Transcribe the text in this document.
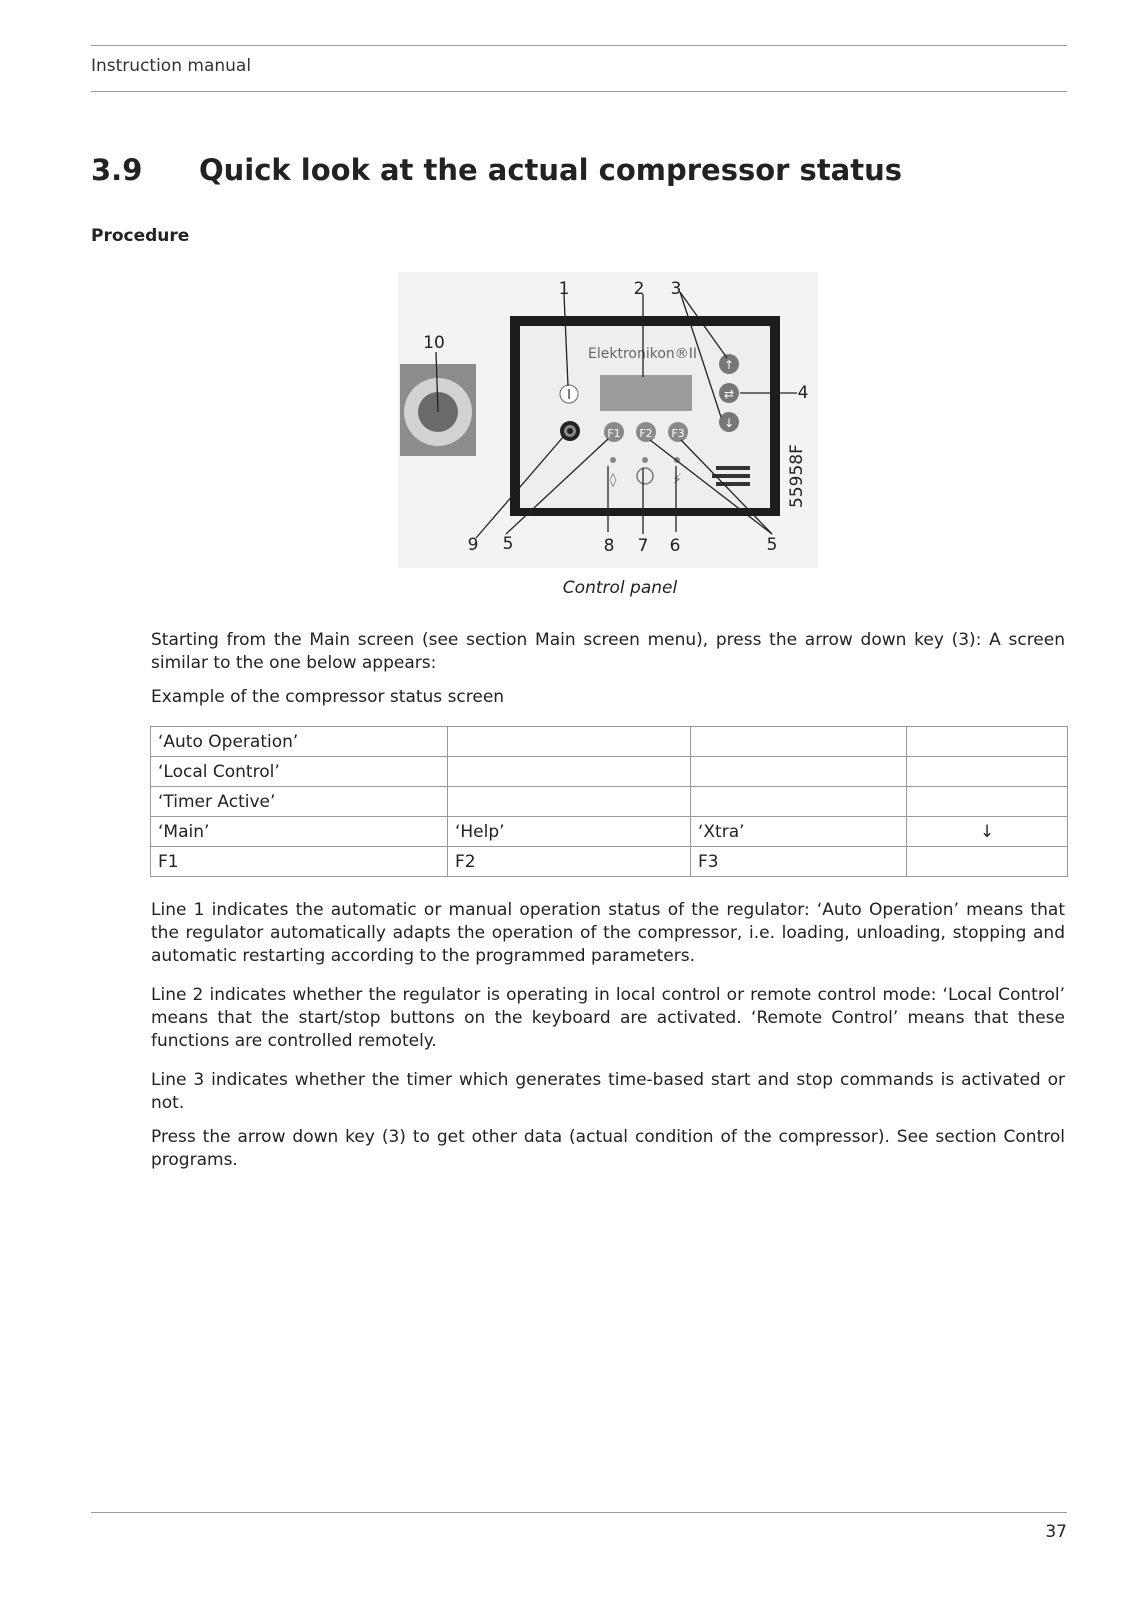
Instruction manual
3.9 Quick look at the actual compressor status
Procedure
Elektronikon®II
I
F1 F2 F3
↑
⇄
↓
◊	⚡	55958F
1	2 3
4
5
6
7
8
9
10
5
Control panel

Starting from the Main screen (see section Main screen menu), press the arrow down key (3): A screen similar to the one below appears:

Example of the compressor status screen

‘Auto Operation’			
‘Local Control’			
‘Timer Active’			
‘Main’	‘Help’	‘Xtra’	↓
F1	F2	F3	

Line 1 indicates the automatic or manual operation status of the regulator: ‘Auto Operation’ means that the regulator automatically adapts the operation of the compressor, i.e. loading, unloading, stopping and automatic restarting according to the programmed parameters.

Line 2 indicates whether the regulator is operating in local control or remote control mode: ‘Local Control’ means that the start/stop buttons on the keyboard are activated. ‘Remote Control’ means that these functions are controlled remotely.

Line 3 indicates whether the timer which generates time-based start and stop commands is activated or not.

Press the arrow down key (3) to get other data (actual condition of the compressor). See section Control programs.

37
